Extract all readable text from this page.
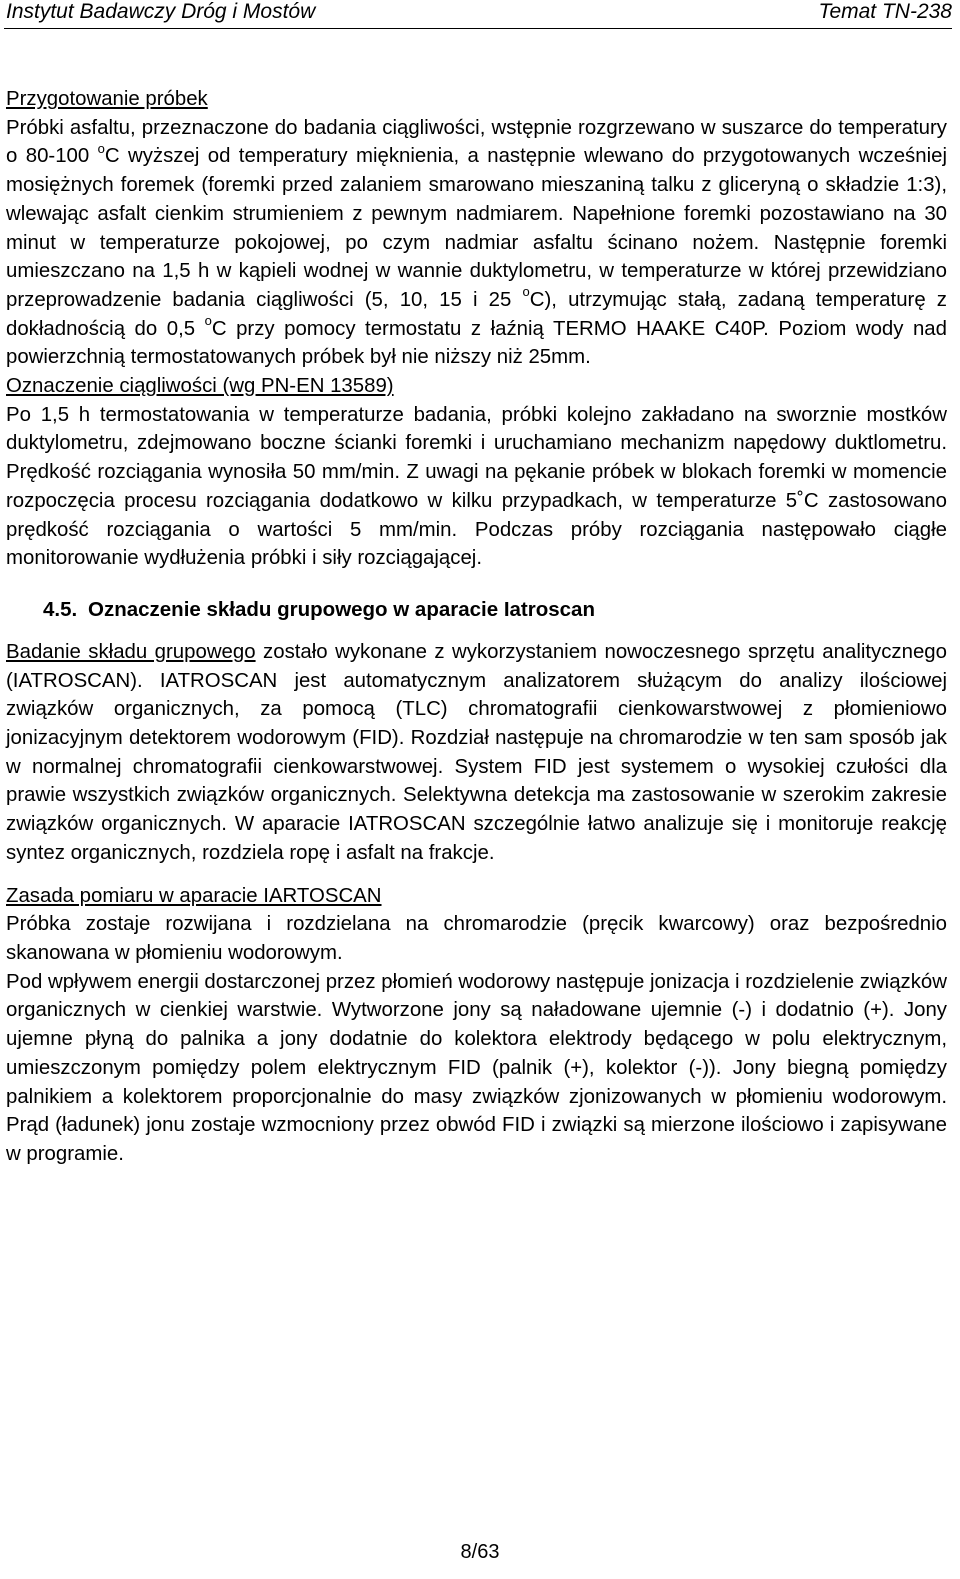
Instytut Badawczy Dróg i Mostów	Temat TN-238

Przygotowanie próbek
Próbki asfaltu, przeznaczone do badania ciągliwości, wstępnie rozgrzewano w suszarce do temperatury o 80-100 $^o$C wyższej od temperatury mięknienia, a następnie wlewano do przygotowanych wcześniej mosiężnych foremek (foremki przed zalaniem smarowano mieszaniną talku z gliceryną o składzie 1:3), wlewając asfalt cienkim strumieniem z pewnym nadmiarem. Napełnione foremki pozostawiano na 30 minut w temperaturze pokojowej, po czym nadmiar asfaltu ścinano nożem. Następnie foremki umieszczano na 1,5 h w kąpieli wodnej w wannie duktylometru, w temperaturze w której przewidziano przeprowadzenie badania ciągliwości (5, 10, 15 i 25 $^o$C), utrzymując stałą, zadaną temperaturę z dokładnością do 0,5 $^o$C przy pomocy termostatu z łaźnią TERMO HAAKE C40P. Poziom wody nad powierzchnią termostatowanych próbek był nie niższy niż 25mm.

Oznaczenie ciągliwości (wg PN-EN 13589)
Po 1,5 h termostatowania w temperaturze badania, próbki kolejno zakładano na sworznie mostków duktylometru, zdejmowano boczne ścianki foremki i uruchamiano mechanizm napędowy duktlometru. Prędkość rozciągania wynosiła 50 mm/min. Z uwagi na pękanie próbek w blokach foremki w momencie rozpoczęcia procesu rozciągania dodatkowo w kilku przypadkach, w temperaturze 5˚C zastosowano prędkość rozciągania o wartości 5 mm/min. Podczas próby rozciągania następowało ciągłe monitorowanie wydłużenia próbki i siły rozciągającej.

4.5. Oznaczenie składu grupowego w aparacie Iatroscan

Badanie składu grupowego zostało wykonane z wykorzystaniem nowoczesnego sprzętu analitycznego (IATROSCAN). IATROSCAN jest automatycznym analizatorem służącym do analizy ilościowej związków organicznych, za pomocą (TLC) chromatografii cienkowarstwowej z płomieniowo jonizacyjnym detektorem wodorowym (FID). Rozdział następuje na chromarodzie w ten sam sposób jak w normalnej chromatografii cienkowarstwowej. System FID jest systemem o wysokiej czułości dla prawie wszystkich związków organicznych. Selektywna detekcja ma zastosowanie w szerokim zakresie związków organicznych. W aparacie IATROSCAN szczególnie łatwo analizuje się i monitoruje reakcję syntez organicznych, rozdziela ropę i asfalt na frakcje.

Zasada pomiaru w aparacie IARTOSCAN
Próbka zostaje rozwijana i rozdzielana na chromarodzie (pręcik kwarcowy) oraz bezpośrednio skanowana w płomieniu wodorowym.

Pod wpływem energii dostarczonej przez płomień wodorowy następuje jonizacja i rozdzielenie związków organicznych w cienkiej warstwie. Wytworzone jony są naładowane ujemnie (-) i dodatnio (+). Jony ujemne płyną do palnika a jony dodatnie do kolektora elektrody będącego w polu elektrycznym, umieszczonym pomiędzy polem elektrycznym FID (palnik (+), kolektor (-)). Jony biegną pomiędzy palnikiem a kolektorem proporcjonalnie do masy związków zjonizowanych w płomieniu wodorowym. Prąd (ładunek) jonu zostaje wzmocniony przez obwód FID i związki są mierzone ilościowo i zapisywane w programie.

8/63
